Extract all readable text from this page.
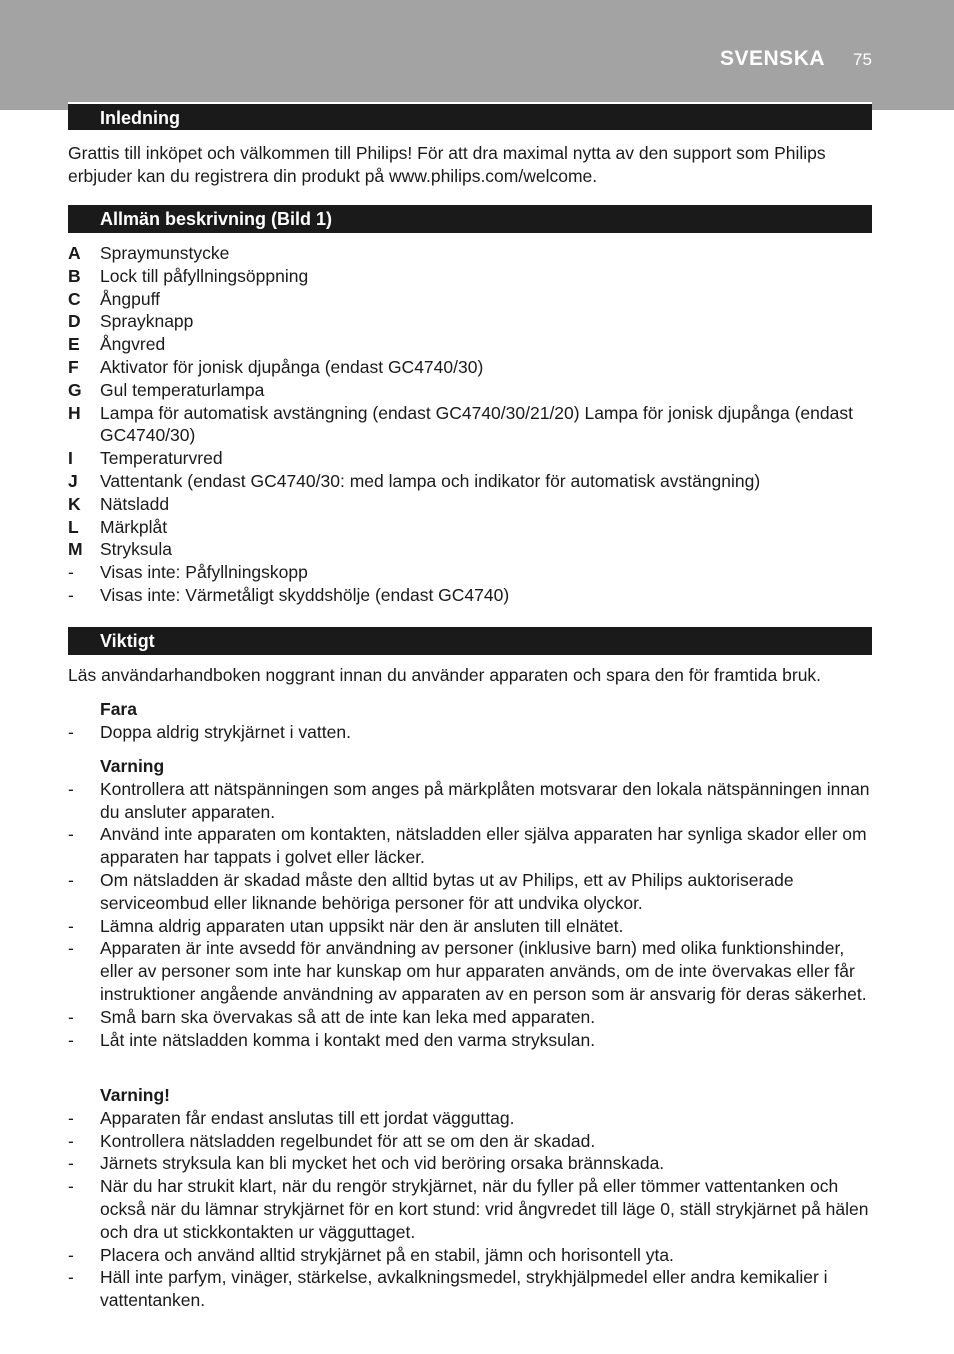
SVENSKA 75
Inledning
Grattis till inköpet och välkommen till Philips! För att dra maximal nytta av den support som Philips erbjuder kan du registrera din produkt på www.philips.com/welcome.
Allmän beskrivning (Bild 1)
A Spraymunstycke
B Lock till påfyllningsöppning
C Ångpuff
D Sprayknapp
E Ångvred
F Aktivator för jonisk djupånga (endast GC4740/30)
G Gul temperaturlampa
H Lampa för automatisk avstängning (endast GC4740/30/21/20) Lampa för jonisk djupånga (endast GC4740/30)
I Temperaturvred
J Vattentank (endast GC4740/30: med lampa och indikator för automatisk avstängning)
K Nätsladd
L Märkplåt
M Stryksula
- Visas inte: Påfyllningskopp
- Visas inte: Värmetåligt skyddshölje (endast GC4740)
Viktigt
Läs användarhandboken noggrant innan du använder apparaten och spara den för framtida bruk.
Fara
- Doppa aldrig strykjärnet i vatten.
Varning
- Kontrollera att nätspänningen som anges på märkplåten motsvarar den lokala nätspänningen innan du ansluter apparaten.
- Använd inte apparaten om kontakten, nätsladden eller själva apparaten har synliga skador eller om apparaten har tappats i golvet eller läcker.
- Om nätsladden är skadad måste den alltid bytas ut av Philips, ett av Philips auktoriserade serviceombud eller liknande behöriga personer för att undvika olyckor.
- Lämna aldrig apparaten utan uppsikt när den är ansluten till elnätet.
- Apparaten är inte avsedd för användning av personer (inklusive barn) med olika funktionshinder, eller av personer som inte har kunskap om hur apparaten används, om de inte övervakas eller får instruktioner angående användning av apparaten av en person som är ansvarig för deras säkerhet.
- Små barn ska övervakas så att de inte kan leka med apparaten.
- Låt inte nätsladden komma i kontakt med den varma stryksulan.
Varning!
- Apparaten får endast anslutas till ett jordat vägguttag.
- Kontrollera nätsladden regelbundet för att se om den är skadad.
- Järnets stryksula kan bli mycket het och vid beröring orsaka brännskada.
- När du har strukit klart, när du rengör strykjärnet, när du fyller på eller tömmer vattentanken och också när du lämnar strykjärnet för en kort stund: vrid ångvredet till läge 0, ställ strykjärnet på hälen och dra ut stickkontakten ur vägguttaget.
- Placera och använd alltid strykjärnet på en stabil, jämn och horisontell yta.
- Häll inte parfym, vinäger, stärkelse, avkalkningsmedel, strykhjälpmedel eller andra kemikalier i vattentanken.
